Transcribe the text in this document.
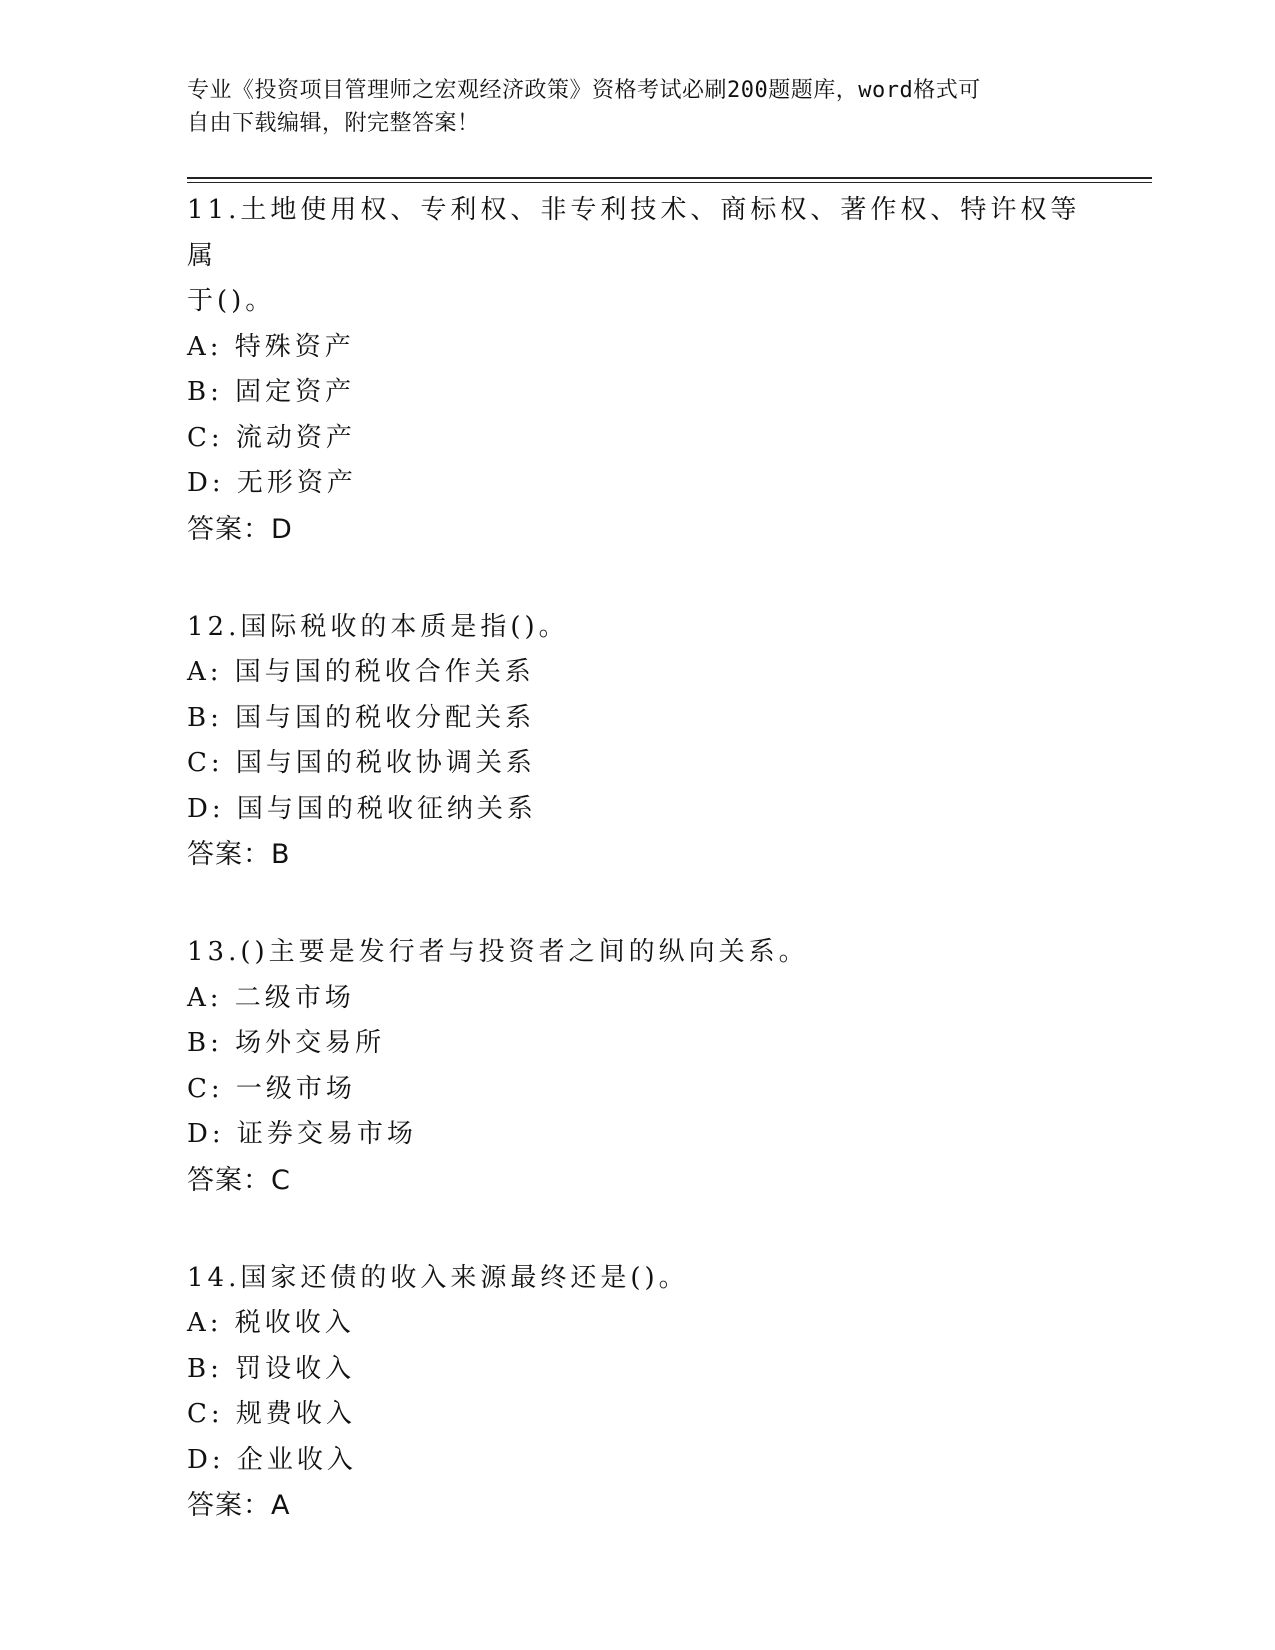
专业《投资项目管理师之宏观经济政策》资格考试必刷200题题库，word格式可
自由下载编辑，附完整答案！
11.土地使用权、专利权、非专利技术、商标权、著作权、特许权等属
于()。
A: 特殊资产
B: 固定资产
C: 流动资产
D: 无形资产
答案：D
12.国际税收的本质是指()。
A: 国与国的税收合作关系
B: 国与国的税收分配关系
C: 国与国的税收协调关系
D: 国与国的税收征纳关系
答案：B
13.()主要是发行者与投资者之间的纵向关系。
A: 二级市场
B: 场外交易所
C: 一级市场
D: 证券交易市场
答案：C
14.国家还债的收入来源最终还是()。
A: 税收收入
B: 罚设收入
C: 规费收入
D: 企业收入
答案：A
